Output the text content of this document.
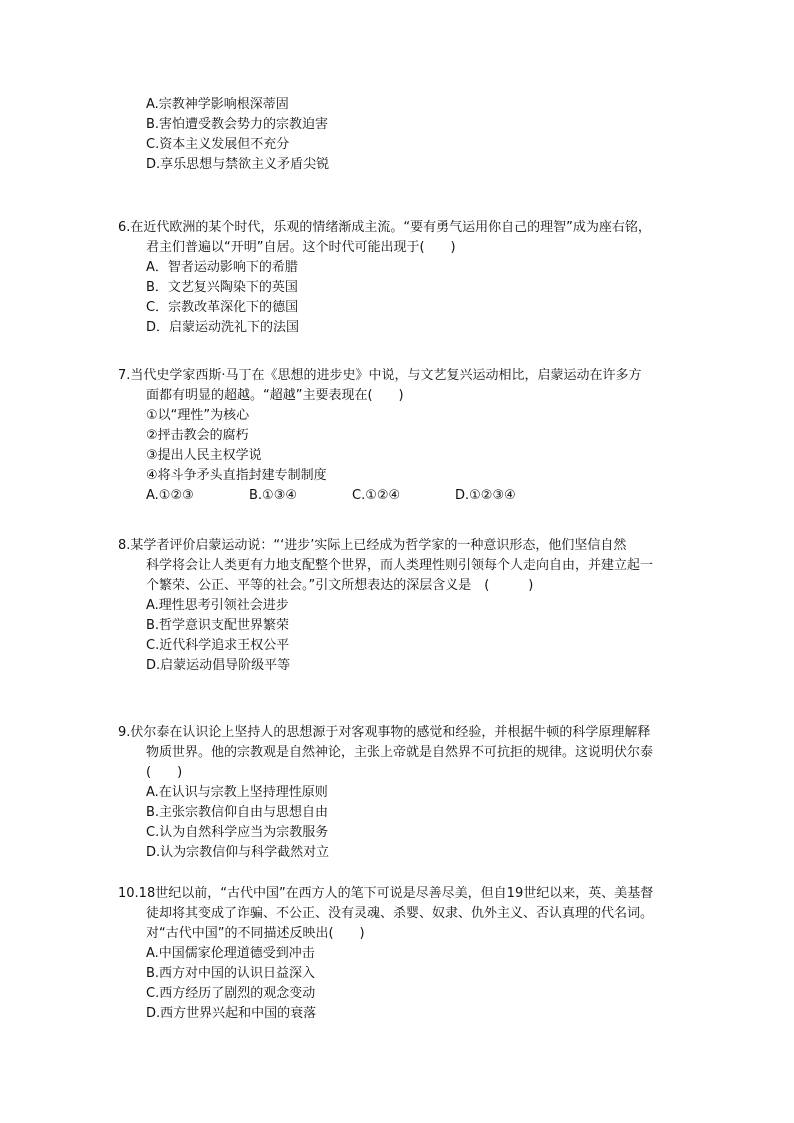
A.宗教神学影响根深蒂固

B.害怕遭受教会势力的宗教迫害

C.资本主义发展但不充分

D.享乐思想与禁欲主义矛盾尖锐

6.在近代欧洲的某个时代，乐观的情绪渐成主流。“要有勇气运用你自己的理智”成为座右铭，

君主们普遍以“开明”自居。这个时代可能出现于(　　)

A．智者运动影响下的希腊

B．文艺复兴陶染下的英国

C．宗教改革深化下的德国

D．启蒙运动洗礼下的法国

7.当代史学家西斯·马丁在《思想的进步史》中说，与文艺复兴运动相比，启蒙运动在许多方

面都有明显的超越。“超越”主要表现在(　　)

①以“理性”为核心

②抨击教会的腐朽

③提出人民主权学说

④将斗争矛头直指封建专制制度

A.①②③	B.①③④	C.①②④	D.①②③④

8.某学者评价启蒙运动说：“‘进步’实际上已经成为哲学家的一种意识形态，他们坚信自然

科学将会让人类更有力地支配整个世界，而人类理性则引领每个人走向自由，并建立起一

个繁荣、公正、平等的社会。”引文所想表达的深层含义是　(　　　)

A.理性思考引领社会进步

B.哲学意识支配世界繁荣

C.近代科学追求王权公平

D.启蒙运动倡导阶级平等

9.伏尔泰在认识论上坚持人的思想源于对客观事物的感觉和经验，并根据牛顿的科学原理解释

物质世界。他的宗教观是自然神论，主张上帝就是自然界不可抗拒的规律。这说明伏尔泰

(　　)

A.在认识与宗教上坚持理性原则

B.主张宗教信仰自由与思想自由

C.认为自然科学应当为宗教服务

D.认为宗教信仰与科学截然对立

10.18世纪以前，“古代中国”在西方人的笔下可说是尽善尽美，但自19世纪以来，英、美基督

徒却将其变成了诈骗、不公正、没有灵魂、杀婴、奴隶、仇外主义、否认真理的代名词。

对“古代中国”的不同描述反映出(　　)

A.中国儒家伦理道德受到冲击

B.西方对中国的认识日益深入

C.西方经历了剧烈的观念变动

D.西方世界兴起和中国的衰落
